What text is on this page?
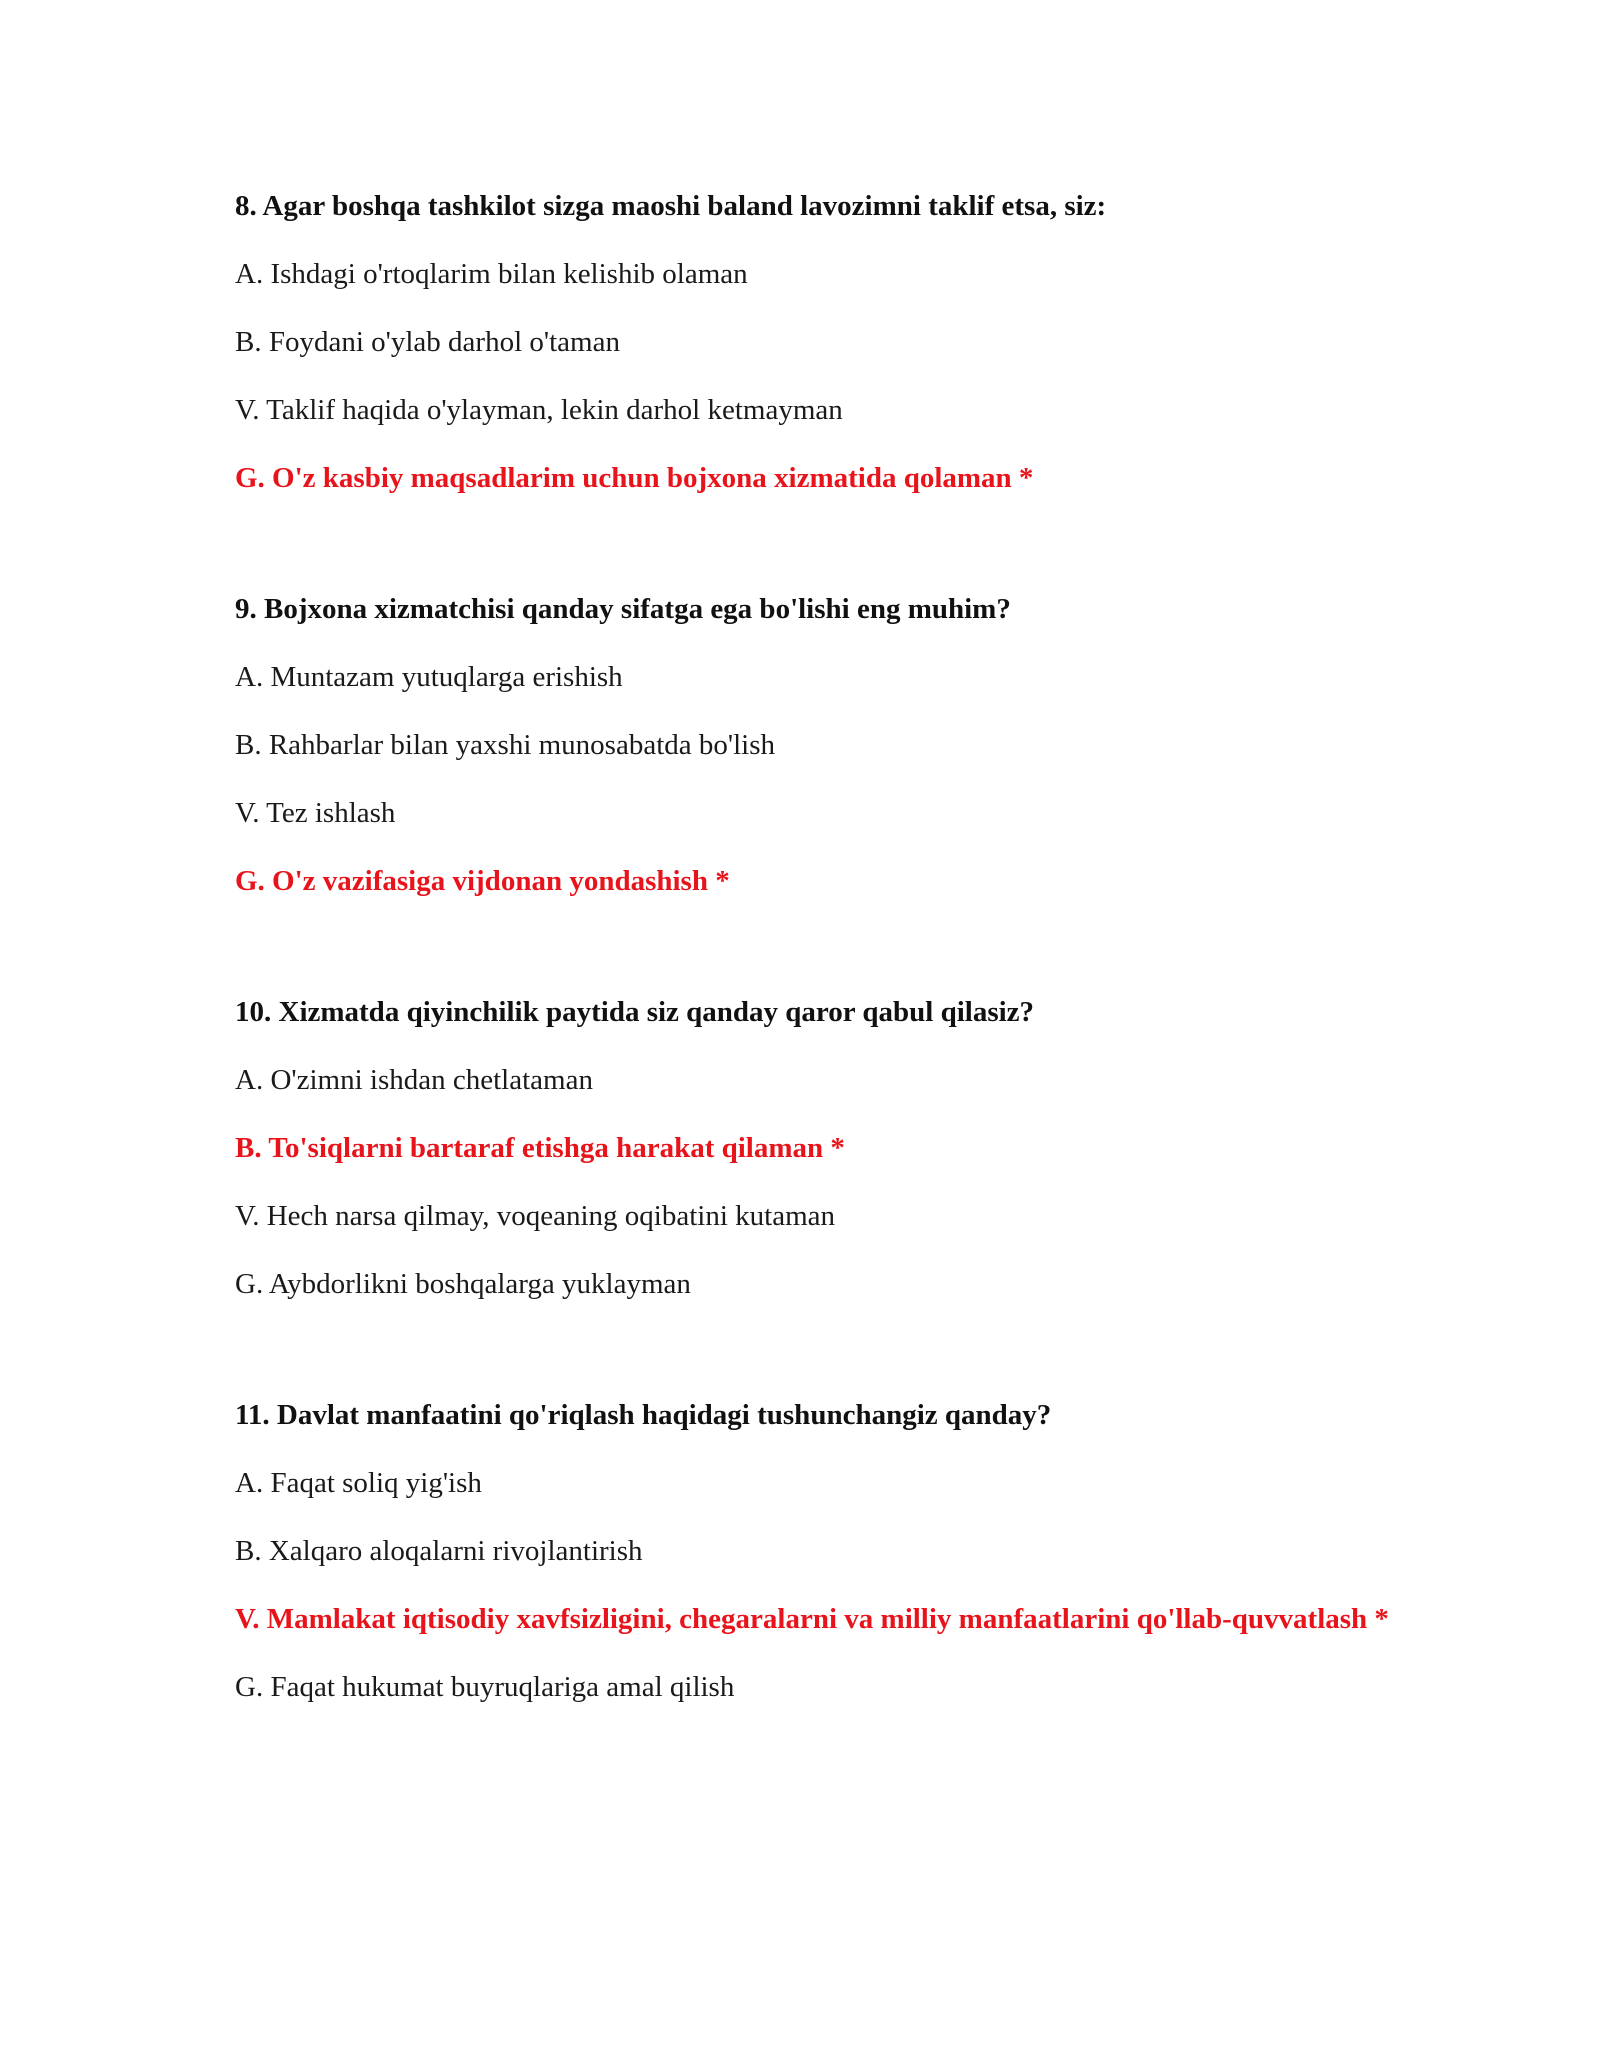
8. Agar boshqa tashkilot sizga maoshi baland lavozimni taklif etsa, siz:

A. Ishdagi o'rtoqlarim bilan kelishib olaman

B. Foydani o'ylab darhol o'taman

V. Taklif haqida o'ylayman, lekin darhol ketmayman

G. O'z kasbiy maqsadlarim uchun bojxona xizmatida qolaman *

9. Bojxona xizmatchisi qanday sifatga ega bo'lishi eng muhim?

A. Muntazam yutuqlarga erishish

B. Rahbarlar bilan yaxshi munosabatda bo'lish

V. Tez ishlash

G. O'z vazifasiga vijdonan yondashish *

10. Xizmatda qiyinchilik paytida siz qanday qaror qabul qilasiz?

A. O'zimni ishdan chetlataman

B. To'siqlarni bartaraf etishga harakat qilaman *

V. Hech narsa qilmay, voqeaning oqibatini kutaman

G. Aybdorlikni boshqalarga yuklayman

11. Davlat manfaatini qo'riqlash haqidagi tushunchangiz qanday?

A. Faqat soliq yig'ish

B. Xalqaro aloqalarni rivojlantirish

V. Mamlakat iqtisodiy xavfsizligini, chegaralarni va milliy manfaatlarini qo'llab-quvvatlash *

G. Faqat hukumat buyruqlariga amal qilish
